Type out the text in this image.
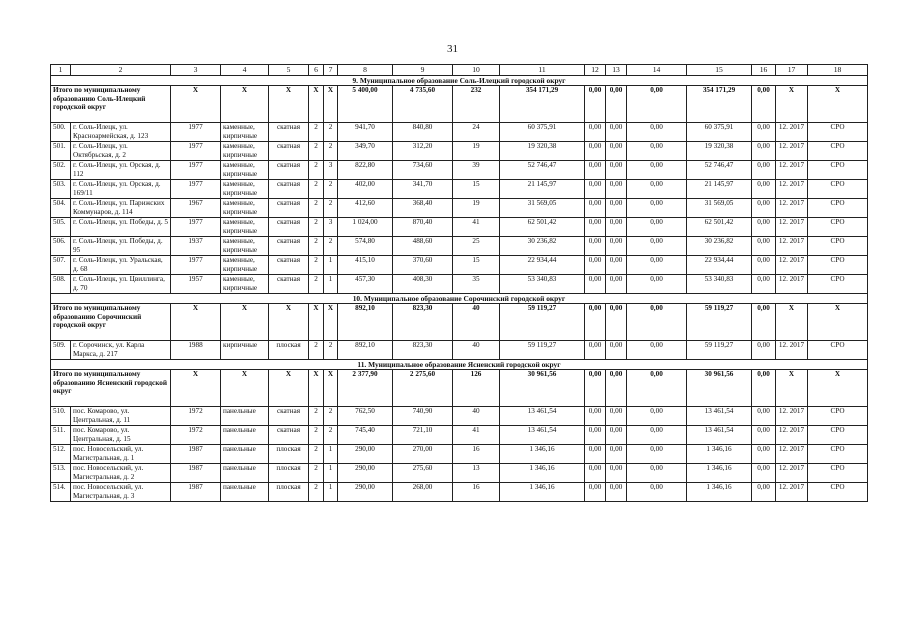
31
1	2	3	4	5	6	7	8	9	10	11	12	13	14	15	16	17	18
9. Муниципальное образование Соль-Илецкий городской округ																	
Итого по муниципальному образованию Соль-Илецкий городской округ		X	X	X	X	X	5 400,00	4 735,60	232	354 171,29	0,00	0,00	0,00	354 171,29	0,00	X	X
500.	г. Соль-Илецк, ул. Красноармейская, д. 123	1977	каменные, кирпичные	скатная	2	2	941,70	840,80	24	60 375,91	0,00	0,00	0,00	60 375,91	0,00	12. 2017	СРО
501.	г. Соль-Илецк, ул. Октябрьская, д. 2	1977	каменные, кирпичные	скатная	2	2	349,70	312,20	19	19 320,38	0,00	0,00	0,00	19 320,38	0,00	12. 2017	СРО
502.	г. Соль-Илецк, ул. Орская, д. 112	1977	каменные, кирпичные	скатная	2	3	822,80	734,60	39	52 746,47	0,00	0,00	0,00	52 746,47	0,00	12. 2017	СРО
503.	г. Соль-Илецк, ул. Орская, д. 169/11	1977	каменные, кирпичные	скатная	2	2	402,00	341,70	15	21 145,97	0,00	0,00	0,00	21 145,97	0,00	12. 2017	СРО
504.	г. Соль-Илецк, ул. Парижских Коммунаров, д. 114	1967	каменные, кирпичные	скатная	2	2	412,60	368,40	19	31 569,05	0,00	0,00	0,00	31 569,05	0,00	12. 2017	СРО
505.	г. Соль-Илецк, ул. Победы, д. 5	1977	каменные, кирпичные	скатная	2	3	1 024,00	870,40	41	62 501,42	0,00	0,00	0,00	62 501,42	0,00	12. 2017	СРО
506.	г. Соль-Илецк, ул. Победы, д. 95	1937	каменные, кирпичные	скатная	2	2	574,80	488,60	25	30 236,82	0,00	0,00	0,00	30 236,82	0,00	12. 2017	СРО
507.	г. Соль-Илецк, ул. Уральская, д. 68	1977	каменные, кирпичные	скатная	2	1	415,10	370,60	15	22 934,44	0,00	0,00	0,00	22 934,44	0,00	12. 2017	СРО
508.	г. Соль-Илецк, ул. Цвиллинга, д. 70	1957	каменные, кирпичные	скатная	2	1	457,30	408,30	35	53 340,83	0,00	0,00	0,00	53 340,83	0,00	12. 2017	СРО
10. Муниципальное образование Сорочинский городской округ																	
Итого по муниципальному образованию Сорочинский городской округ		X	X	X	X	X	892,10	823,30	40	59 119,27	0,00	0,00	0,00	59 119,27	0,00	X	X
509.	г. Сорочинск, ул. Карла Маркса, д. 217	1988	кирпичные	плоская	2	2	892,10	823,30	40	59 119,27	0,00	0,00	0,00	59 119,27	0,00	12. 2017	СРО
11. Муниципальное образование Ясненский городской округ																	
Итого по муниципальному образованию Ясненский городской округ		X	X	X	X	X	2 377,90	2 275,60	126	30 961,56	0,00	0,00	0,00	30 961,56	0,00	X	X
510.	пос. Комарово, ул. Центральная, д. 11	1972	панельные	скатная	2	2	762,50	740,90	40	13 461,54	0,00	0,00	0,00	13 461,54	0,00	12. 2017	СРО
511.	пос. Комарово, ул. Центральная, д. 15	1972	панельные	скатная	2	2	745,40	721,10	41	13 461,54	0,00	0,00	0,00	13 461,54	0,00	12. 2017	СРО
512.	пос. Новосельский, ул. Магистральная, д. 1	1987	панельные	плоская	2	1	290,00	270,00	16	1 346,16	0,00	0,00	0,00	1 346,16	0,00	12. 2017	СРО
513.	пос. Новосельский, ул. Магистральная, д. 2	1987	панельные	плоская	2	1	290,00	275,60	13	1 346,16	0,00	0,00	0,00	1 346,16	0,00	12. 2017	СРО
514.	пос. Новосельский, ул. Магистральная, д. 3	1987	панельные	плоская	2	1	290,00	268,00	16	1 346,16	0,00	0,00	0,00	1 346,16	0,00	12. 2017	СРО
